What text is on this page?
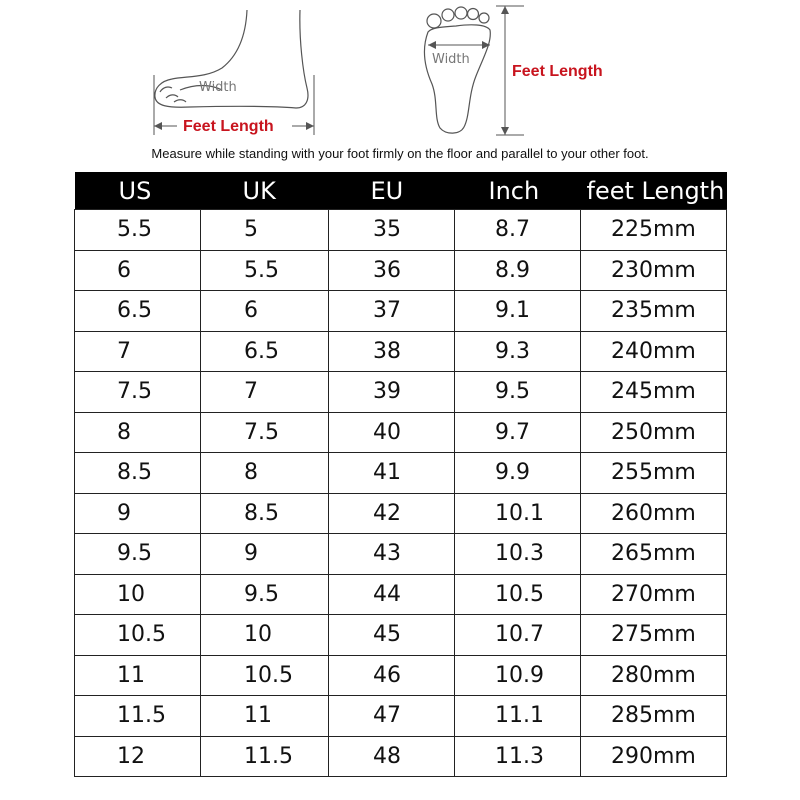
Width
Feet Length
Width
Feet Length
Measure while standing with your foot firmly on the floor and parallel to your other foot.
US	UK	EU	Inch	feet Length
5.5	5	35	8.7	225mm
6	5.5	36	8.9	230mm
6.5	6	37	9.1	235mm
7	6.5	38	9.3	240mm
7.5	7	39	9.5	245mm
8	7.5	40	9.7	250mm
8.5	8	41	9.9	255mm
9	8.5	42	10.1	260mm
9.5	9	43	10.3	265mm
10	9.5	44	10.5	270mm
10.5	10	45	10.7	275mm
11	10.5	46	10.9	280mm
11.5	11	47	11.1	285mm
12	11.5	48	11.3	290mm
